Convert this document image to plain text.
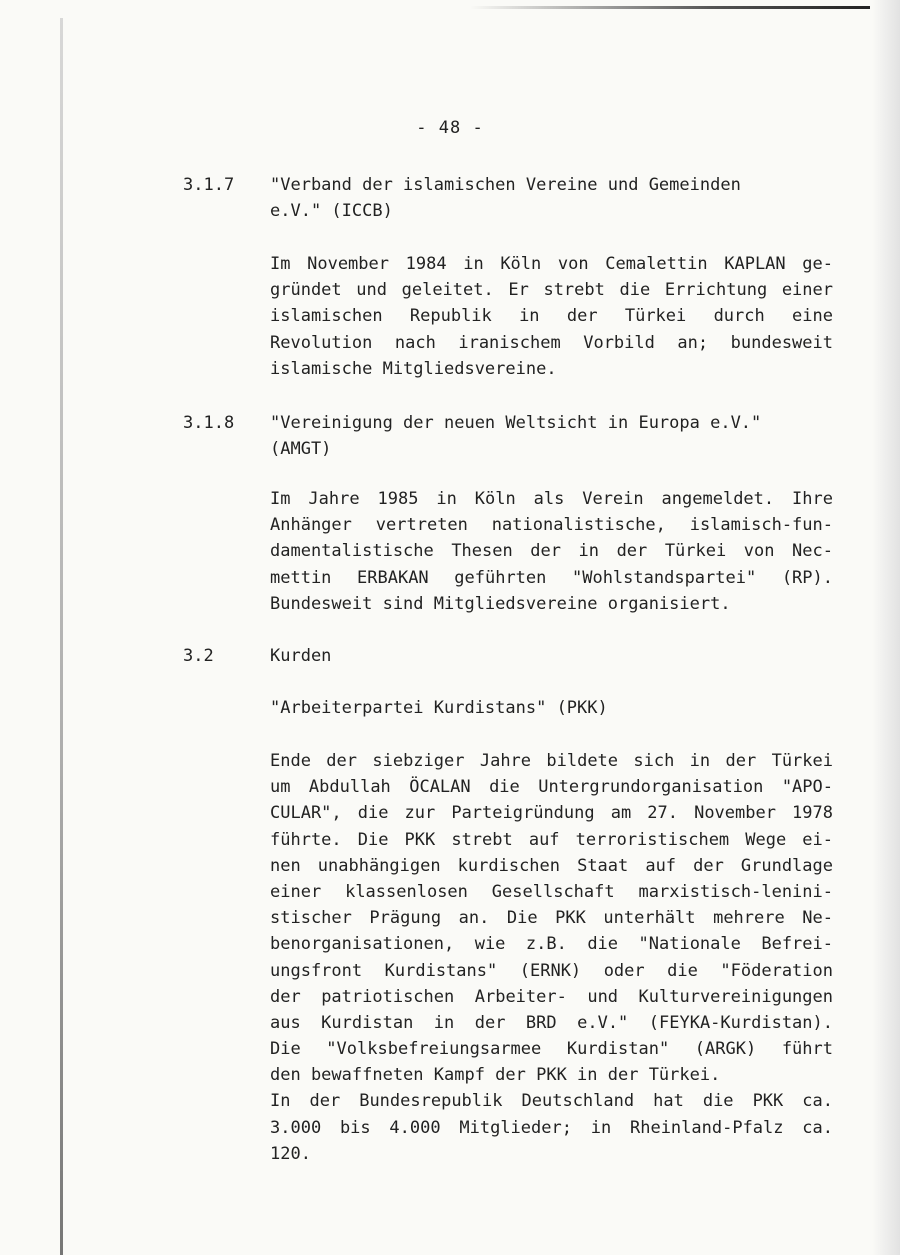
- 48 -
3.1.7 "Verband der islamischen Vereine und Gemeinden
e.V." (ICCB)
Im November 1984 in Köln von Cemalettin KAPLAN ge-
gründet und geleitet. Er strebt die Errichtung einer
islamischen Republik in der Türkei durch eine
Revolution nach iranischem Vorbild an; bundesweit
islamische Mitgliedsvereine.
3.1.8 "Vereinigung der neuen Weltsicht in Europa e.V."
(AMGT)
Im Jahre 1985 in Köln als Verein angemeldet. Ihre
Anhänger vertreten nationalistische, islamisch-fun-
damentalistische Thesen der in der Türkei von Nec-
mettin ERBAKAN geführten "Wohlstandspartei" (RP).
Bundesweit sind Mitgliedsvereine organisiert.
3.2	Kurden
"Arbeiterpartei Kurdistans" (PKK)
Ende der siebziger Jahre bildete sich in der Türkei
um Abdullah ÖCALAN die Untergrundorganisation "APO-
CULAR", die zur Parteigründung am 27. November 1978
führte. Die PKK strebt auf terroristischem Wege ei-
nen unabhängigen kurdischen Staat auf der Grundlage
einer klassenlosen Gesellschaft marxistisch-lenini-
stischer Prägung an. Die PKK unterhält mehrere Ne-
benorganisationen, wie z.B. die "Nationale Befrei-
ungsfront Kurdistans" (ERNK) oder die "Föderation
der patriotischen Arbeiter- und Kulturvereinigungen
aus Kurdistan in der BRD e.V." (FEYKA-Kurdistan).
Die "Volksbefreiungsarmee Kurdistan" (ARGK) führt
den bewaffneten Kampf der PKK in der Türkei.
In der Bundesrepublik Deutschland hat die PKK ca.
3.000 bis 4.000 Mitglieder; in Rheinland-Pfalz ca.
120.
